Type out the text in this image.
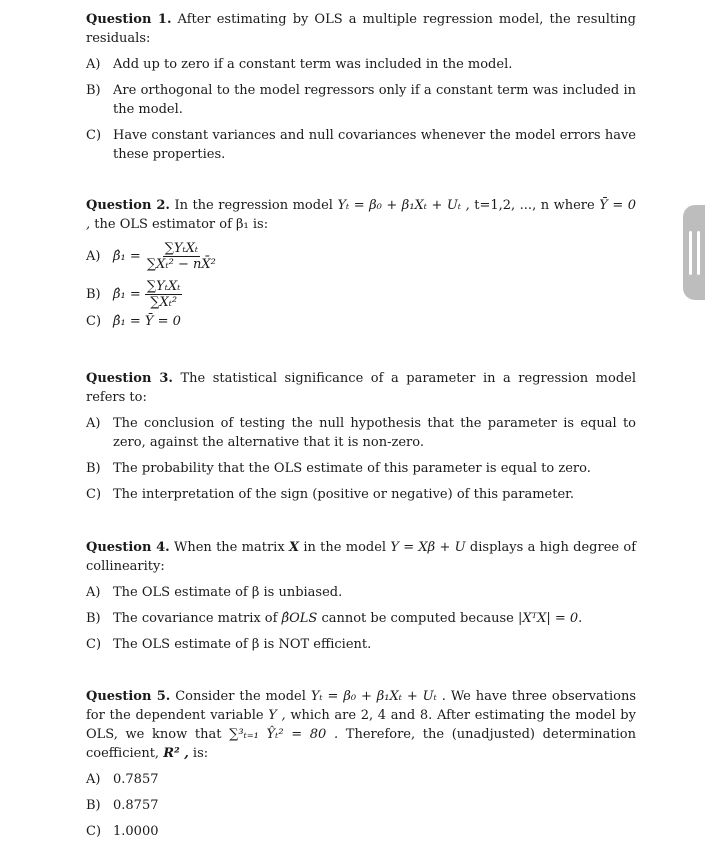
Question 1. After estimating by OLS a multiple regression model, the resulting residuals:
A) Add up to zero if a constant term was included in the model.
B) Are orthogonal to the model regressors only if a constant term was included in the model.
C) Have constant variances and null covariances whenever the model errors have these properties.
Question 2. In the regression model Yₜ = β₀ + β₁Xₜ + Uₜ , t=1,2, ..., n where Ȳ = 0 , the OLS estimator of β₁ is:
A) β̂₁ = $\frac{\text{∑YₜXₜ}}{\text{∑Xₜ² − nX̄²}}$
B) β̂₁ = $\frac{\text{∑YₜXₜ}}{\text{∑Xₜ²}}$
C) β̂₁ = Ȳ = 0
Question 3. The statistical significance of a parameter in a regression model refers to:
A) The conclusion of testing the null hypothesis that the parameter is equal to zero, against the alternative that it is non-zero.
B) The probability that the OLS estimate of this parameter is equal to zero.
C) The interpretation of the sign (positive or negative) of this parameter.
Question 4. When the matrix X in the model Y = Xβ + U displays a high degree of collinearity:
A) The OLS estimate of β is unbiased.
B) The covariance matrix of β̂OLS cannot be computed because |XᵀX| = 0.
C) The OLS estimate of β is NOT efficient.
Question 5. Consider the model Yₜ = β₀ + β₁Xₜ + Uₜ . We have three observations for the dependent variable Y , which are 2, 4 and 8. After estimating the model by OLS, we know that ∑³ₜ₌₁ Ŷₜ² = 80 . Therefore, the (unadjusted) determination coefficient, R² , is:
A) 0.7857
B) 0.8757
C) 1.0000
